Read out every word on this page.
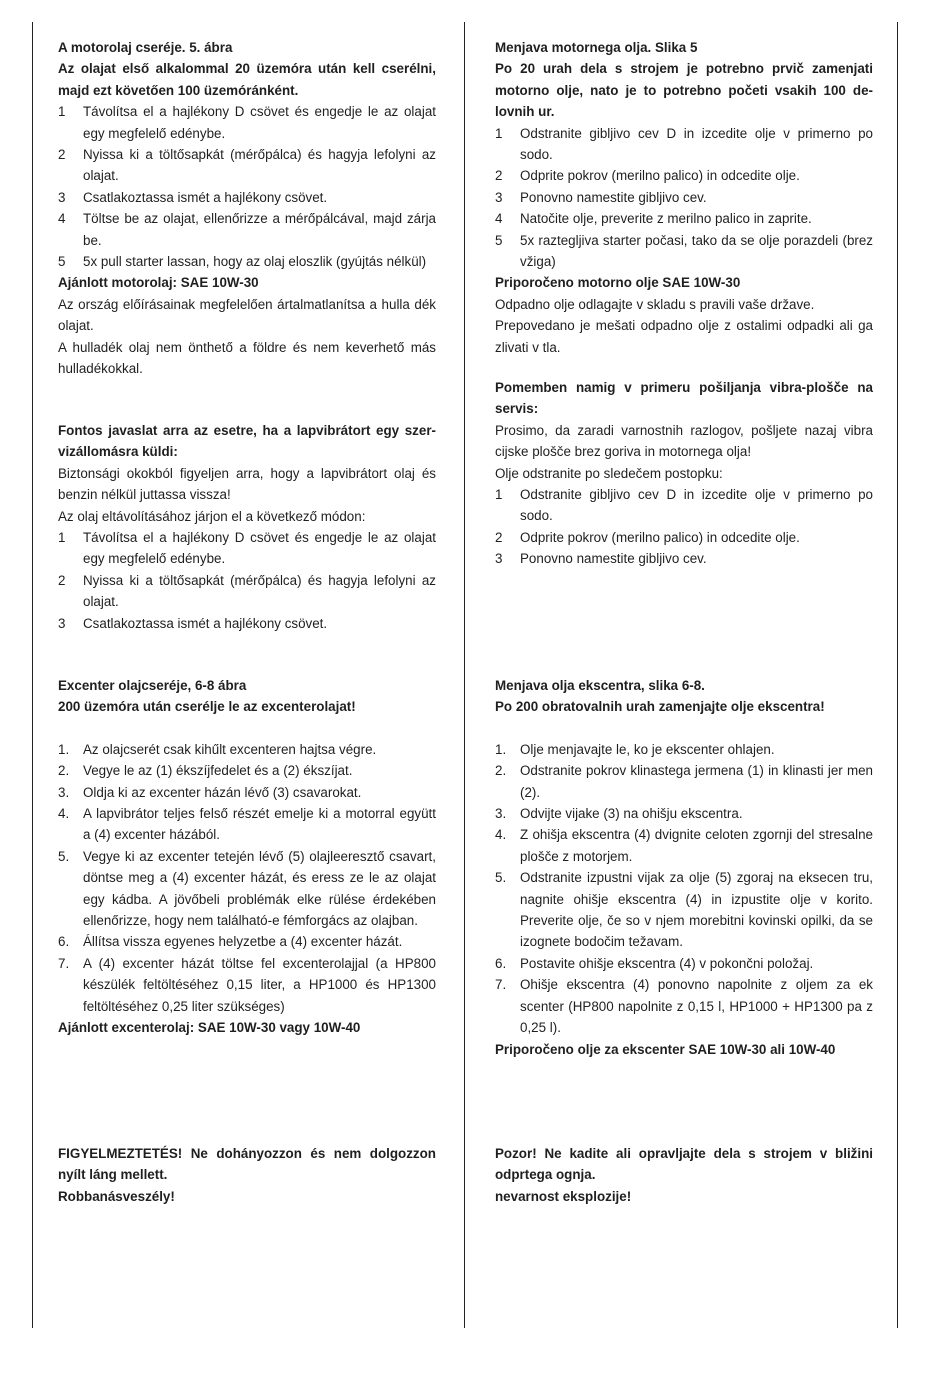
A motorolaj cseréje. 5. ábra

Az olajat első alkalommal 20 üzemóra után kell cserélni, majd ezt követően 100 üzemóránként.

1	Távolítsa el a hajlékony D csövet és engedje le az olajat egy megfelelő edénybe.
2	Nyissa ki a töltősapkát (mérőpálca) és hagyja lefolyni az olajat.
3	Csatlakoztassa ismét a hajlékony csövet.
4	Töltse be az olajat, ellenőrizze a mérőpálcával, majd zárja be.
5	5x pull starter lassan, hogy az olaj eloszlik (gyújtás nélkül)

Ajánlott motorolaj: SAE 10W-30

Az ország előírásainak megfelelően ártalmatlanítsa a hulla dék olajat.

A hulladék olaj nem önthető a földre és nem keverhető más hulladékokkal.

Fontos javaslat arra az esetre, ha a lapvibrátort egy szer- vizállomásra küldi:

Biztonsági okokból figyeljen arra, hogy a lapvibrátort olaj és benzin nélkül juttassa vissza!

Az olaj eltávolításához járjon el a következő módon:

1	Távolítsa el a hajlékony D csövet és engedje le az olajat egy megfelelő edénybe.
2	Nyissa ki a töltősapkát (mérőpálca) és hagyja lefolyni az olajat.
3	Csatlakoztassa ismét a hajlékony csövet.

Excenter olajcseréje, 6-8 ábra

200 üzemóra után cserélje le az excenterolajat!

1.	Az olajcserét csak kihűlt excenteren hajtsa végre.
2.	Vegye le az (1) ékszíjfedelet és a (2) ékszíjat.
3.	Oldja ki az excenter házán lévő (3) csavarokat.
4.	A lapvibrátor teljes felső részét emelje ki a motorral együtt a (4) excenter házából.
5.	Vegye ki az excenter tetején lévő (5) olajleeresztő csavart, döntse meg a (4) excenter házát, és eress ze le az olajat egy kádba. A jövőbeli problémák elke rülése érdekében ellenőrizze, hogy nem található-e fémforgács az olajban.
6.	Állítsa vissza egyenes helyzetbe a (4) excenter házát.
7.	A (4) excenter házát töltse fel excenterolajjal (a HP800 készülék feltöltéséhez 0,15 liter, a HP1000 és HP1300 feltöltéséhez 0,25 liter szükséges)

Ajánlott excenterolaj: SAE 10W-30 vagy 10W-40

FIGYELMEZTETÉS! Ne dohányozzon és nem dolgozzon nyílt láng mellett.

Robbanásveszély!

Menjava motornega olja. Slika 5

Po 20 urah dela s strojem je potrebno prvič zamenjati motorno olje, nato je to potrebno početi vsakih 100 de- lovnih ur.

1	Odstranite gibljivo cev D in izcedite olje v primerno po sodo.
2	Odprite pokrov (merilno palico) in odcedite olje.
3	Ponovno namestite gibljivo cev.
4	Natočite olje, preverite z merilno palico in zaprite.
5	5x raztegljiva starter počasi, tako da se olje porazdeli (brez vžiga)

Priporočeno motorno olje SAE 10W-30

Odpadno olje odlagajte v skladu s pravili vaše države.

Prepovedano je mešati odpadno olje z ostalimi odpadki ali ga zlivati v tla.

Pomemben namig v primeru pošiljanja vibra-plošče na servis:

Prosimo, da zaradi varnostnih razlogov, pošljete nazaj vibra cijske plošče brez goriva in motornega olja!

Olje odstranite po sledečem postopku:

1	Odstranite gibljivo cev D in izcedite olje v primerno po sodo.
2	Odprite pokrov (merilno palico) in odcedite olje.
3	Ponovno namestite gibljivo cev.

Menjava olja ekscentra, slika 6-8.

Po 200 obratovalnih urah zamenjajte olje ekscentra!

1.	Olje menjavajte le, ko je ekscenter ohlajen.
2.	Odstranite pokrov klinastega jermena (1) in klinasti jer men (2).
3.	Odvijte vijake (3) na ohišju ekscentra.
4.	Z ohišja ekscentra (4) dvignite celoten zgornji del stresalne plošče z motorjem.
5.	Odstranite izpustni vijak za olje (5) zgoraj na eksecen tru, nagnite ohišje ekscentra (4) in izpustite olje v korito. Preverite olje, če so v njem morebitni kovinski opilki, da se izognete bodočim težavam.
6.	Postavite ohišje ekscentra (4) v pokončni položaj.
7.	Ohišje ekscentra (4) ponovno napolnite z oljem za ek scenter (HP800 napolnite z 0,15 l, HP1000 + HP1300 pa z 0,25 l).

Priporočeno olje za ekscenter SAE 10W-30 ali 10W-40

Pozor! Ne kadite ali opravljajte dela s strojem v bližini odprtega ognja.

nevarnost eksplozije!
